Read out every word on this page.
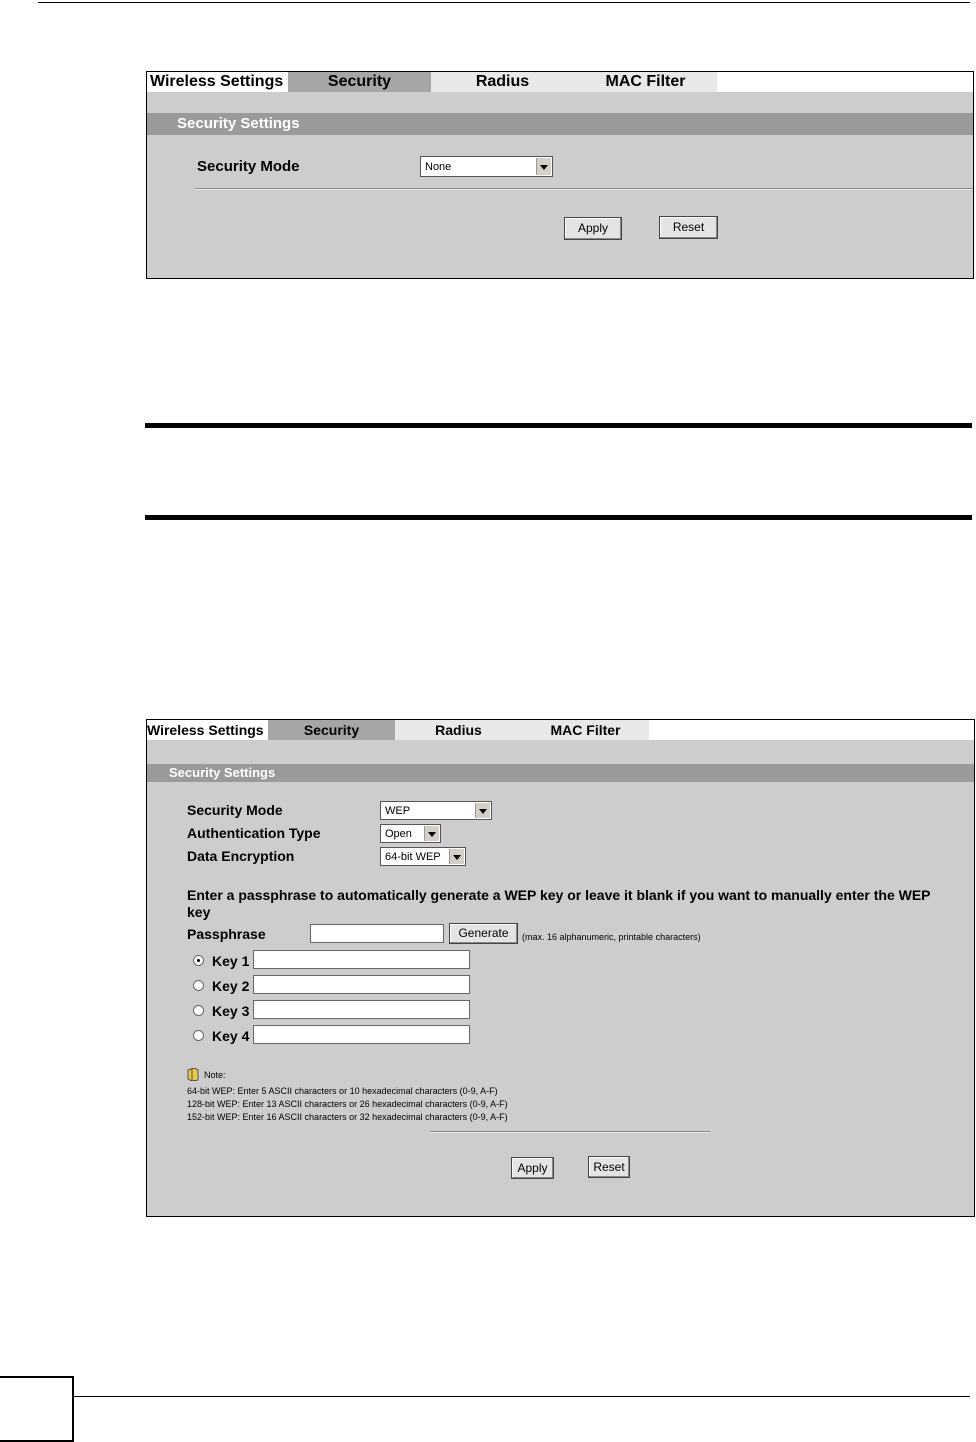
Wireless Settings	Security	Radius	MAC Filter
Security Settings
Security Mode	None
Apply	Reset
Wireless Settings	Security	Radius	MAC Filter
Security Settings
Security Mode	WEP
Authentication Type	Open
Data Encryption	64-bit WEP
Enter a passphrase to automatically generate a WEP key or leave it blank if you want to manually enter the WEP key
Passphrase	Generate	(max. 16 alphanumeric, printable characters)
Key 1
Key 2
Key 3
Key 4
Note:
64-bit WEP: Enter 5 ASCII characters or 10 hexadecimal characters (0-9, A-F)
128-bit WEP: Enter 13 ASCII characters or 26 hexadecimal characters (0-9, A-F)
152-bit WEP: Enter 16 ASCII characters or 32 hexadecimal characters (0-9, A-F)
Apply	Reset
